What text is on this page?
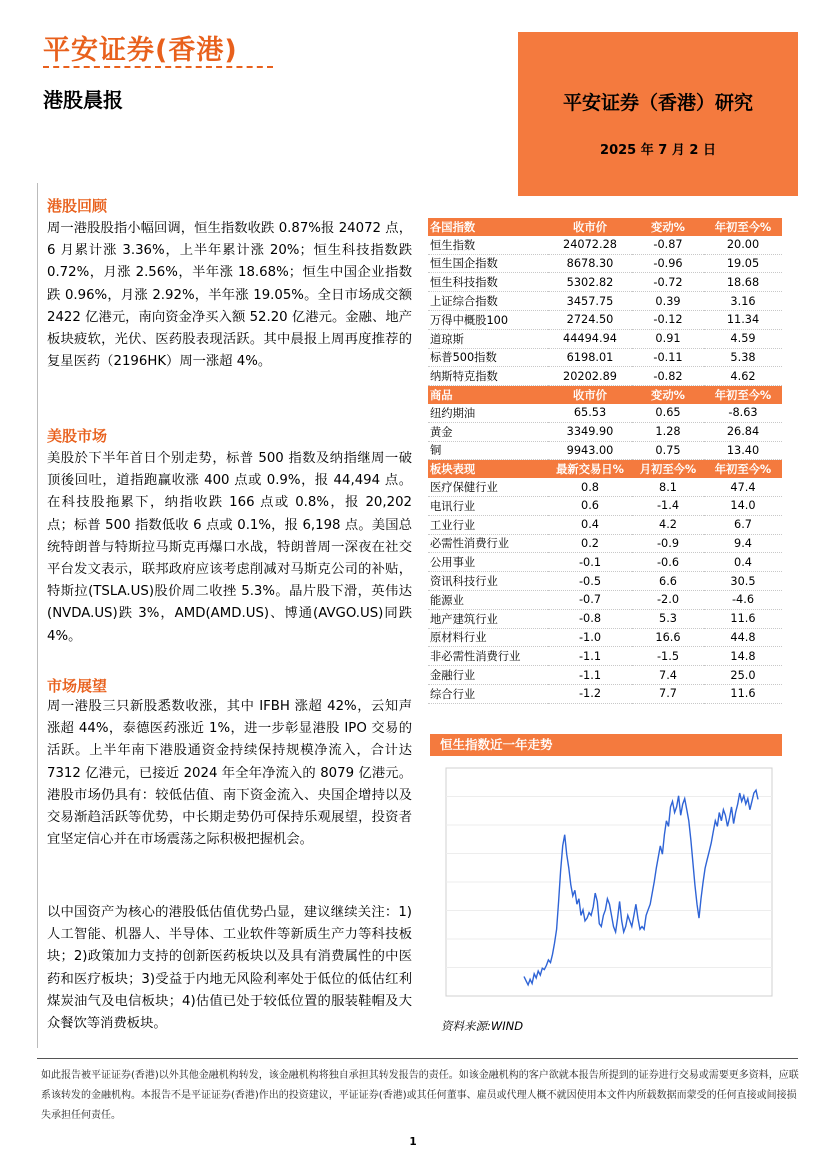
平安证券(香港)
港股晨报	平安证券（香港）研究
2025 年 7 月 2 日
港股回顾
周一港股股指小幅回调，恒生指数收跌 0.87%报 24072 点，6 月累计涨 3.36%，上半年累计涨 20%；恒生科技指数跌 0.72%，月涨 2.56%，半年涨 18.68%；恒生中国企业指数跌 0.96%，月涨 2.92%，半年涨 19.05%。全日市场成交额 2422 亿港元，南向资金净买入额 52.20 亿港元。金融、地产板块疲软，光伏、医药股表现活跃。其中晨报上周再度推荐的复星医药（2196HK）周一涨超 4%。
美股市场
美股於下半年首日个别走势，标普 500 指数及纳指继周一破顶後回吐，道指跑赢收涨 400 点或 0.9%，报 44,494 点。在科技股拖累下，纳指收跌 166 点或 0.8%，报 20,202 点；标普 500 指数低收 6 点或 0.1%，报 6,198 点。美国总统特朗普与特斯拉马斯克再爆口水战，特朗普周一深夜在社交平台发文表示，联邦政府应该考虑削减对马斯克公司的补贴，特斯拉(TSLA.US)股价周二收挫 5.3%。晶片股下滑，英伟达(NVDA.US)跌 3%，AMD(AMD.US)、博通(AVGO.US)同跌 4%。
市场展望
周一港股三只新股悉数收涨，其中 IFBH 涨超 42%，云知声涨超 44%，泰德医药涨近 1%，进一步彰显港股 IPO 交易的活跃。上半年南下港股通资金持续保持规模净流入，合计达 7312 亿港元，已接近 2024 年全年净流入的 8079 亿港元。港股市场仍具有：较低估值、南下资金流入、央国企增持以及交易渐趋活跃等优势，中长期走势仍可保持乐观展望，投资者宜坚定信心并在市场震荡之际积极把握机会。
以中国资产为核心的港股低估值优势凸显，建议继续关注：1)人工智能、机器人、半导体、工业软件等新质生产力等科技板块；2)政策加力支持的创新医药板块以及具有消费属性的中医药和医疗板块；3)受益于内地无风险利率处于低位的低估红利煤炭油气及电信板块；4)估值已处于较低位置的服装鞋帽及大众餐饮等消费板块。
各国指数	收市价	变动%	年初至今%
恒生指数	24072.28	-0.87	20.00
恒生国企指数	8678.30	-0.96	19.05
恒生科技指数	5302.82	-0.72	18.68
上证综合指数	3457.75	0.39	3.16
万得中概股100	2724.50	-0.12	11.34
道琼斯	44494.94	0.91	4.59
标普500指数	6198.01	-0.11	5.38
纳斯特克指数	20202.89	-0.82	4.62
商品	收市价	变动%	年初至今%
纽约期油	65.53	0.65	-8.63
黄金	3349.90	1.28	26.84
铜	9943.00	0.75	13.40
板块表现	最新交易日%	月初至今%	年初至今%
医疗保健行业	0.8	8.1	47.4
电讯行业	0.6	-1.4	14.0
工业行业	0.4	4.2	6.7
必需性消费行业	0.2	-0.9	9.4
公用事业	-0.1	-0.6	0.4
资讯科技行业	-0.5	6.6	30.5
能源业	-0.7	-2.0	-4.6
地产建筑行业	-0.8	5.3	11.6
原材料行业	-1.0	16.6	44.8
非必需性消费行业	-1.1	-1.5	14.8
金融行业	-1.1	7.4	25.0
综合行业	-1.2	7.7	11.6
恒生指数近一年走势
资料来源:WIND
如此报告被平证证券(香港)以外其他金融机构转发，该金融机构将独自承担其转发报告的责任。如该金融机构的客户欲就本报告所提到的证券进行交易或需要更多资料，应联系该转发的金融机构。本报告不是平证证券(香港)作出的投资建议，平证证券(香港)或其任何董事、雇员或代理人概不就因使用本文件内所载数据而蒙受的任何直接或间接损失承担任何责任。
1
